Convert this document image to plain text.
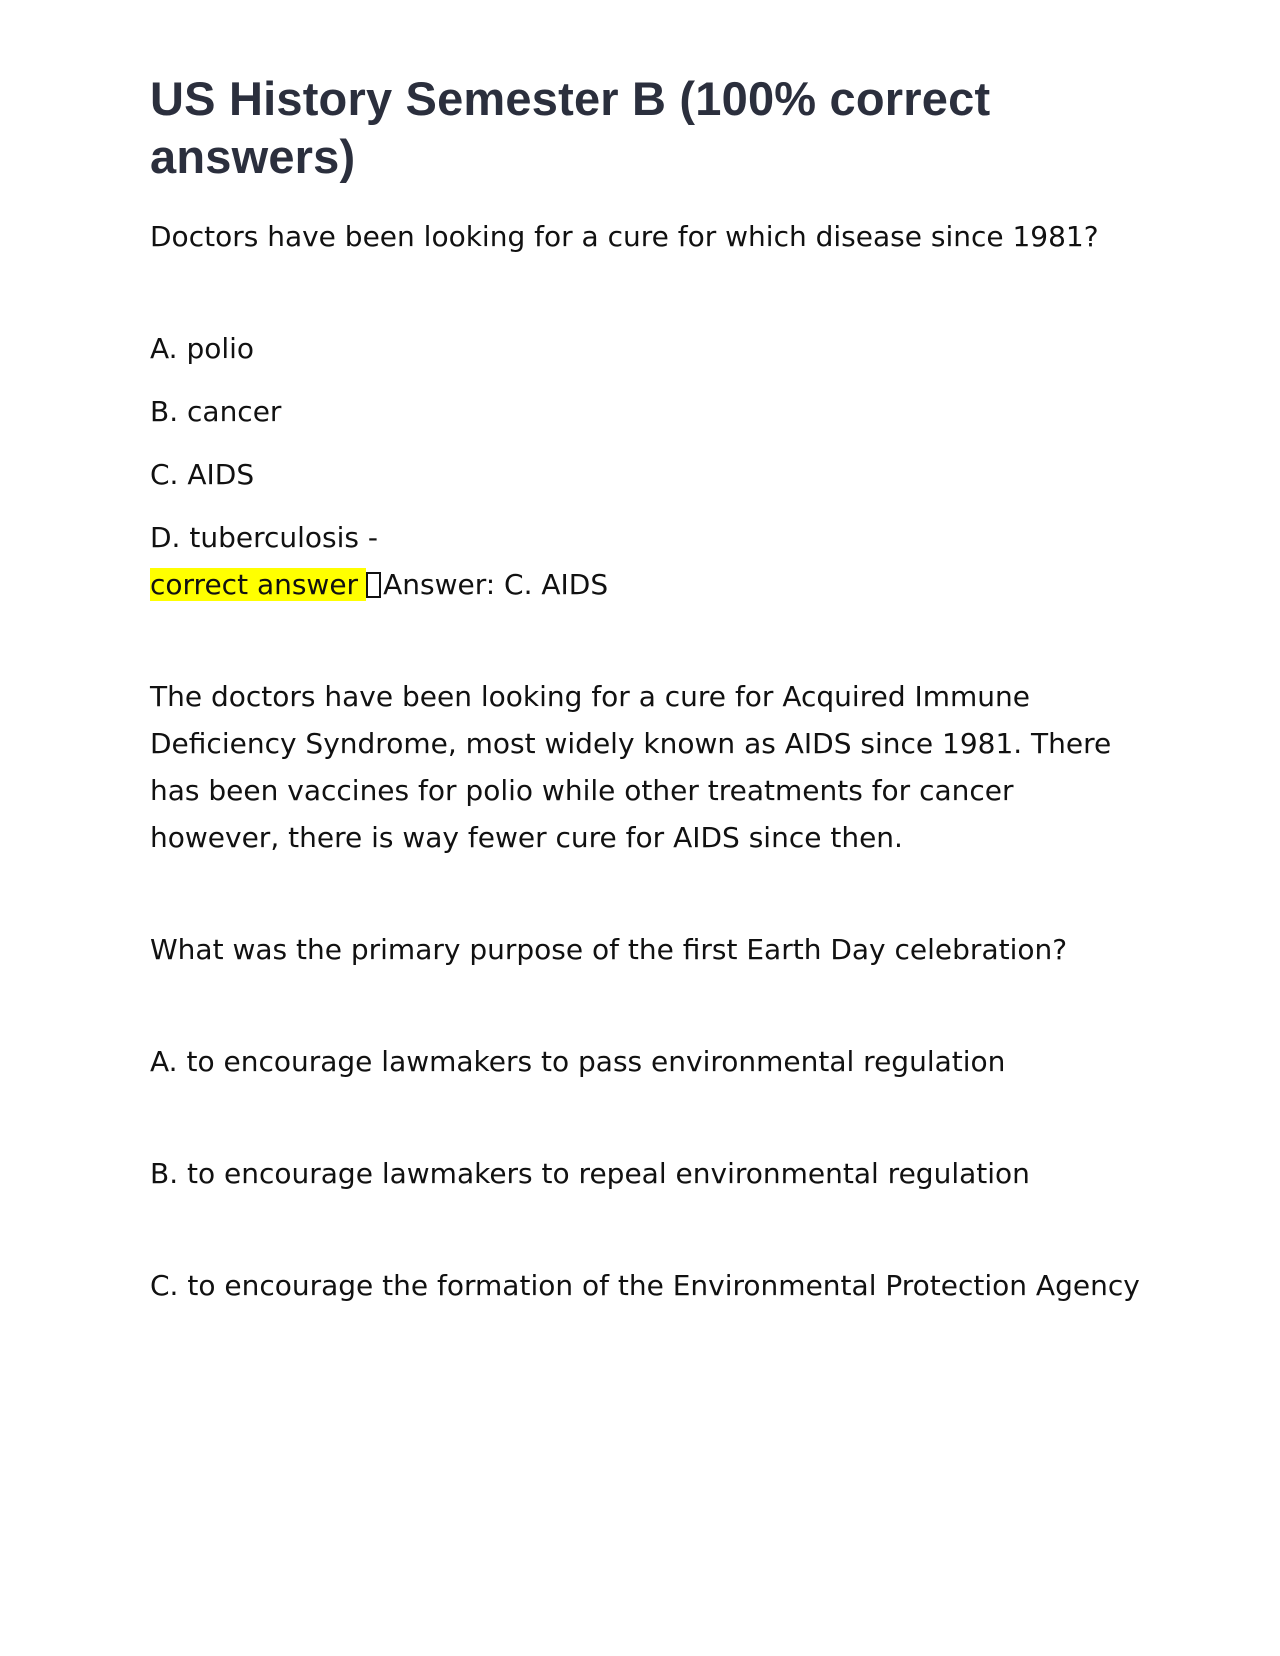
US History Semester B (100% correct answers)

Doctors have been looking for a cure for which disease since 1981?

A. polio

B. cancer

C. AIDS

D. tuberculosis -

correct answer Answer: C. AIDS

The doctors have been looking for a cure for Acquired Immune Deficiency Syndrome, most widely known as AIDS since 1981. There has been vaccines for polio while other treatments for cancer however, there is way fewer cure for AIDS since then.

What was the primary purpose of the first Earth Day celebration?

A. to encourage lawmakers to pass environmental regulation

B. to encourage lawmakers to repeal environmental regulation

C. to encourage the formation of the Environmental Protection Agency
